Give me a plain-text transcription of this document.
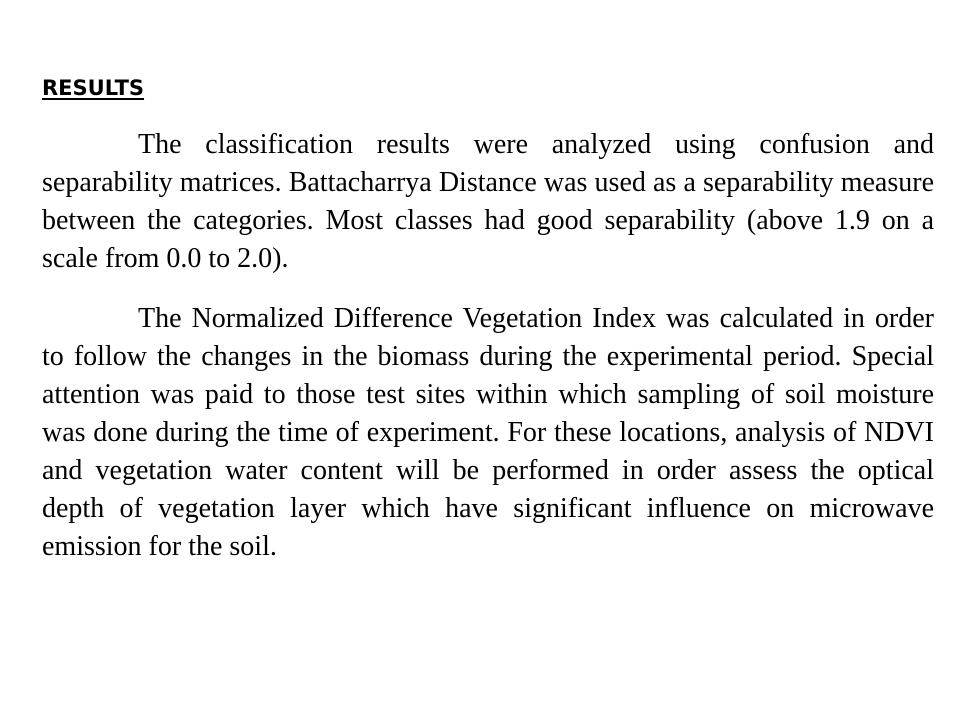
RESULTS

The classification results were analyzed using confusion and separability matrices. Battacharrya Distance was used as a separability measure between the categories. Most classes had good separability (above 1.9 on a scale from 0.0 to 2.0).

The Normalized Difference Vegetation Index was calculated in order to follow the changes in the biomass during the experimental period. Special attention was paid to those test sites within which sampling of soil moisture was done during the time of experiment. For these locations, analysis of NDVI and vegetation water content will be performed in order assess the optical depth of vegetation layer which have significant influence on microwave emission for the soil.
